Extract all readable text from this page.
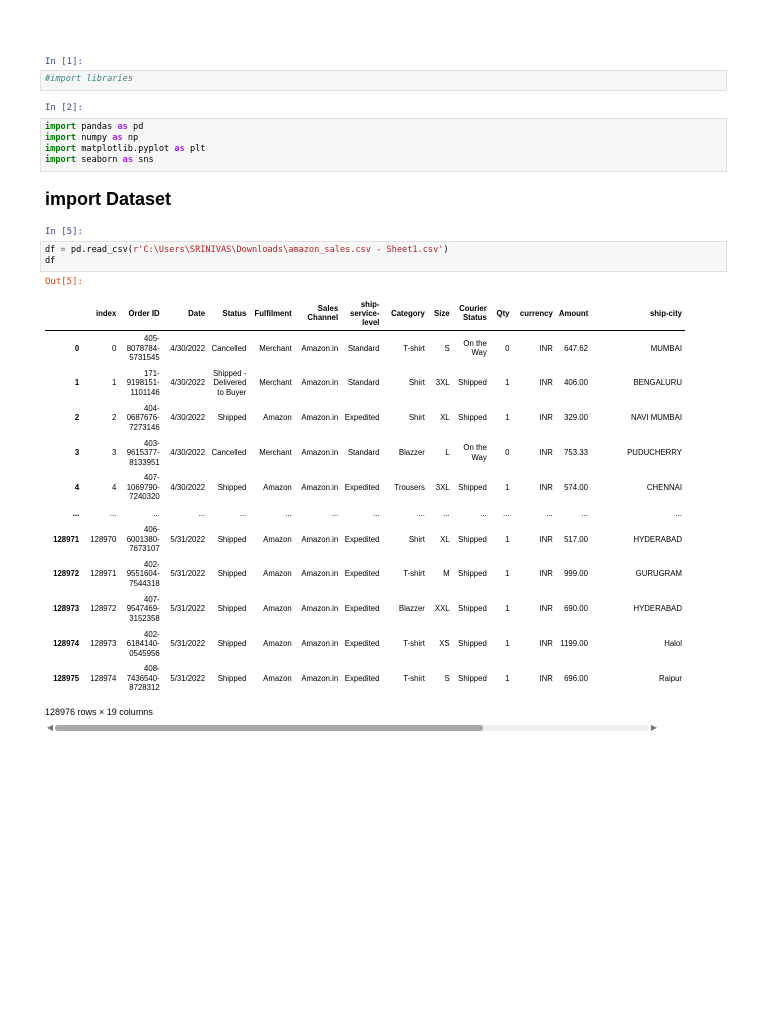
In [1]:
#import libraries
In [2]:
import pandas as pd
import numpy as np
import matplotlib.pyplot as plt
import seaborn as sns
import Dataset
In [5]:
df = pd.read_csv(r'C:\Users\SRINIVAS\Downloads\amazon_sales.csv - Sheet1.csv')
df
Out[5]:
	index	Order ID	Date	Status	Fulfilment	Sales Channel	ship-service-level	Category	Size	Courier Status	Qty	currency	Amount	ship-city
0	0	405-8078784-5731545	4/30/2022	Cancelled	Merchant	Amazon.in	Standard	T-shirt	S	On the Way	0	INR	647.62	MUMBAI
1	1	171-9198151-1101146	4/30/2022	Shipped - Delivered to Buyer	Merchant	Amazon.in	Standard	Shirt	3XL	Shipped	1	INR	406.00	BENGALURU
2	2	404-0687676-7273146	4/30/2022	Shipped	Amazon	Amazon.in	Expedited	Shirt	XL	Shipped	1	INR	329.00	NAVI MUMBAI
3	3	403-9615377-8133951	4/30/2022	Cancelled	Merchant	Amazon.in	Standard	Blazzer	L	On the Way	0	INR	753.33	PUDUCHERRY
4	4	407-1069790-7240320	4/30/2022	Shipped	Amazon	Amazon.in	Expedited	Trousers	3XL	Shipped	1	INR	574.00	CHENNAI
...	...	...	...	...	...	...	...	...	...	...	...	...	...	...
128971	128970	406-6001380-7673107	5/31/2022	Shipped	Amazon	Amazon.in	Expedited	Shirt	XL	Shipped	1	INR	517.00	HYDERABAD
128972	128971	402-9551604-7544318	5/31/2022	Shipped	Amazon	Amazon.in	Expedited	T-shirt	M	Shipped	1	INR	999.00	GURUGRAM
128973	128972	407-9547469-3152358	5/31/2022	Shipped	Amazon	Amazon.in	Expedited	Blazzer	XXL	Shipped	1	INR	690.00	HYDERABAD
128974	128973	402-6184140-0545956	5/31/2022	Shipped	Amazon	Amazon.in	Expedited	T-shirt	XS	Shipped	1	INR	1199.00	Halol
128975	128974	408-7436540-8728312	5/31/2022	Shipped	Amazon	Amazon.in	Expedited	T-shirt	S	Shipped	1	INR	696.00	Raipur
128976 rows × 19 columns
◀	▶
